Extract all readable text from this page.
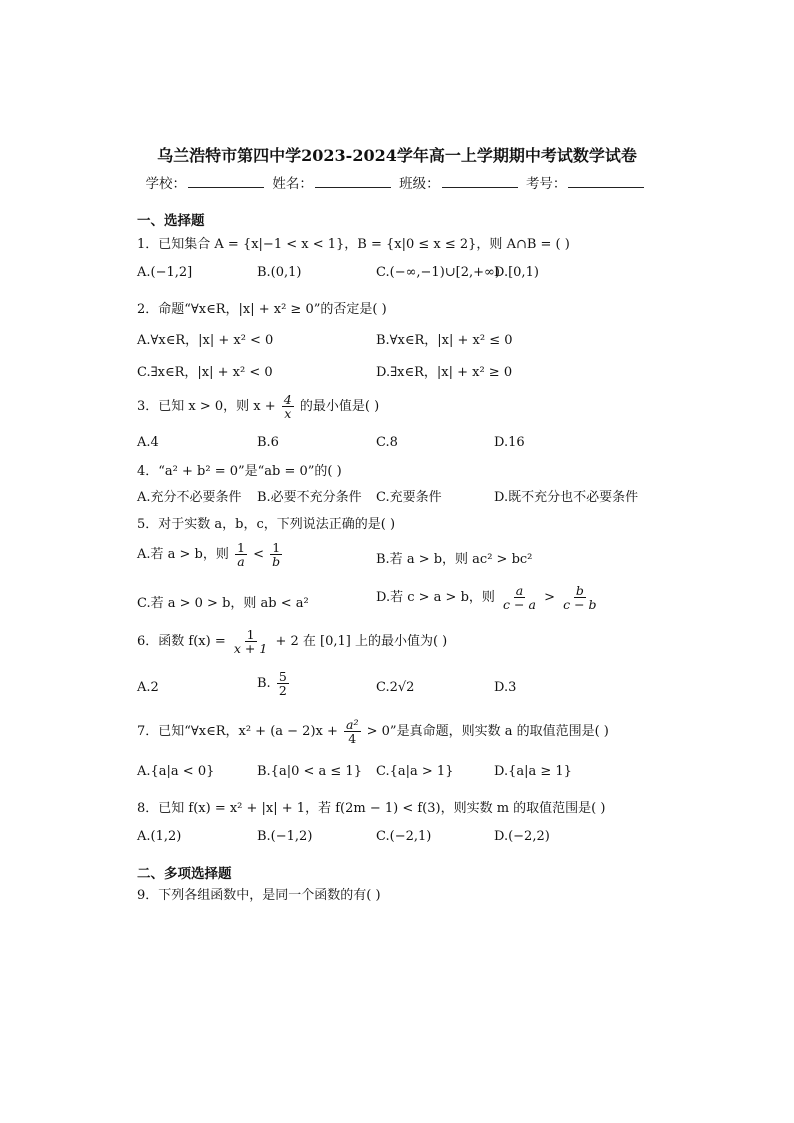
乌兰浩特市第四中学2023-2024学年高一上学期期中考试数学试卷
学校：	姓名：	班级：	考号：
一、选择题
1．已知集合 A = {x|−1 < x < 1}，B = {x|0 ≤ x ≤ 2}，则 A∩B = ( )
A.(−1,2]	B.(0,1)	C.(−∞,−1)∪[2,+∞)
D.[0,1)
2．命题“∀x∈R，|x| + x² ≥ 0”的否定是( )
A.∀x∈R，|x| + x² < 0	B.∀x∈R，|x| + x² ≤ 0
C.∃x∈R，|x| + x² < 0	D.∃x∈R，|x| + x² ≥ 0
3．已知 x > 0，则 $x + \frac{4}{x}$ 的最小值是( )
A.4	B.6	C.8	D.16
4．“a² + b² = 0”是“ab = 0”的( )
A.充分不必要条件 B.必要不充分条件 C.充要条件	D.既不充分也不必要条件
5．对于实数 a，b，c，下列说法正确的是( )
A.若 a > b，则 $\frac{1}{a} < \frac{1}{b}$	B.若 a > b，则 ac² > bc²
C.若 a > 0 > b，则 ab < a²	D.若 c > a > b，则 $\frac{a}{c - a} > \frac{b}{c - b}$
6．函数 $f(x) = \frac{1}{x + 1} + 2$ 在 [0,1] 上的最小值为( )
A.2	B. $\frac{5}{2}$	C.2√2	D.3
7．已知“∀x∈R，$x^2 + (a - 2)x + \frac{\text{a²}}{4} > 0$”是真命题，则实数 a 的取值范围是( )
A.{a|a < 0}	B.{a|0 < a ≤ 1} C.{a|a > 1}	D.{a|a ≥ 1}
8．已知 f(x) = x² + |x| + 1，若 f(2m − 1) < f(3)，则实数 m 的取值范围是( )
A.(1,2)	B.(−1,2)	C.(−2,1)	D.(−2,2)
二、多项选择题
9．下列各组函数中，是同一个函数的有( )
